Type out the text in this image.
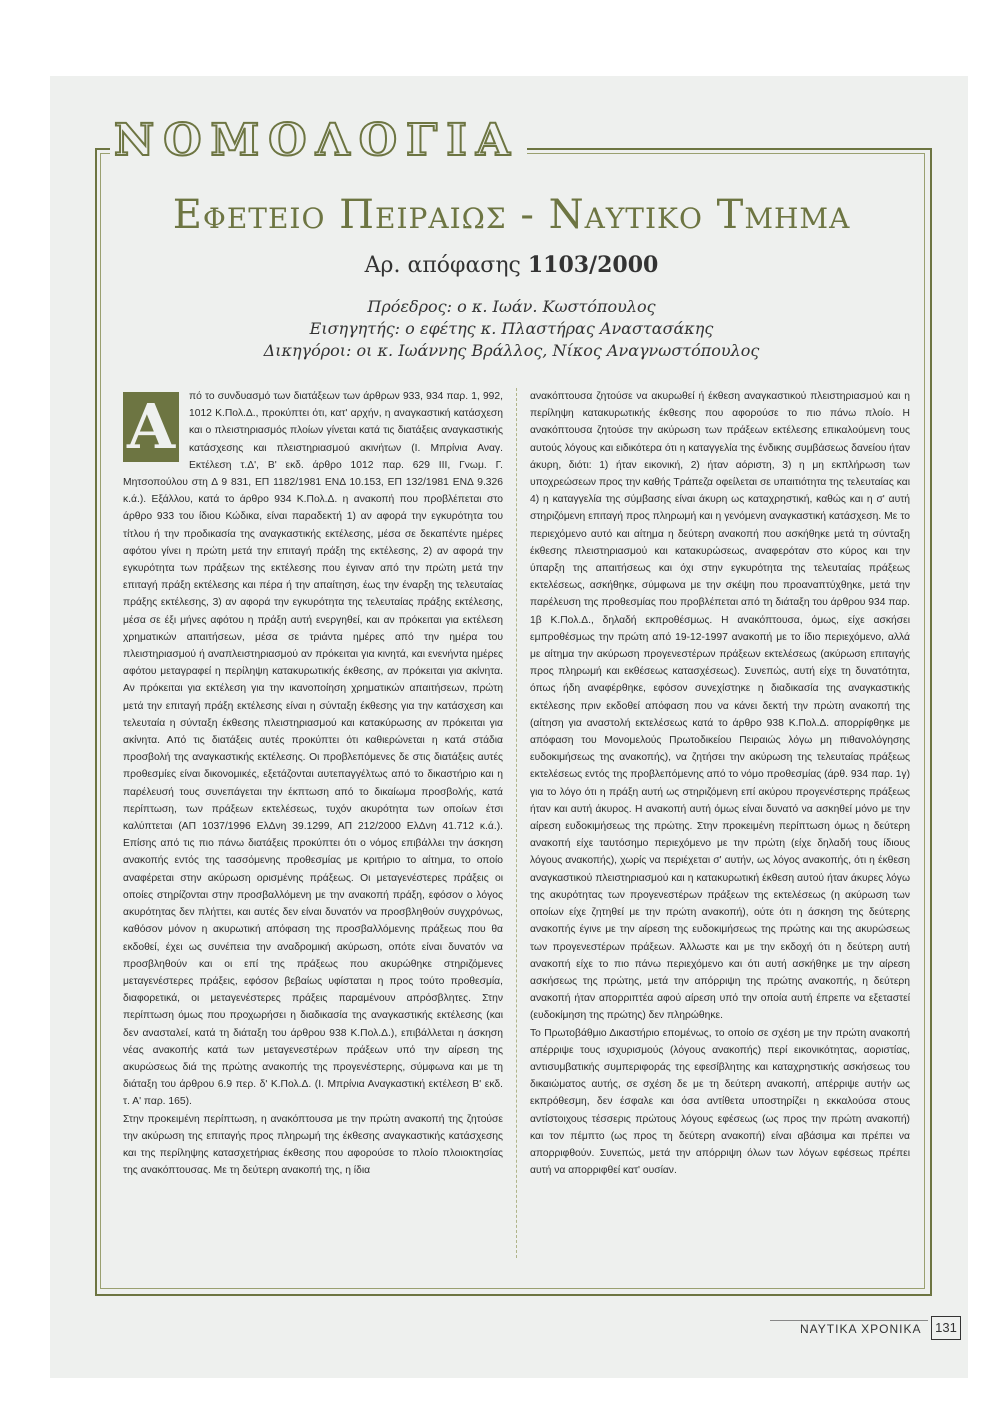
ΝΟΜΟΛΟΓΙΑ
Εφετειο Πειραιως - Ναυτικο Τμημα
Αρ. απόφασης 1103/2000
Πρόεδρος: ο κ. Ιωάν. Κωστόπουλος
Εισηγητής: ο εφέτης κ. Πλαστήρας Αναστασάκης
Δικηγόροι: οι κ. Ιωάννης Βράλλος, Νίκος Αναγνωστόπουλος
Α	πό το συνδυασμό των διατάξεων των άρθρων 933, 934 παρ. 1, 992, 1012 Κ.Πολ.Δ., προκύπτει ότι, κατ' αρχήν, η αναγκαστική κατάσχεση και ο πλειστηριασμός πλοίων γίνεται κατά τις διατάξεις αναγκαστικής κατάσχεσης και πλειστηριασμού ακινήτων (Ι. Μπρίνια Αναγ. Εκτέλεση τ.Δ', Β' εκδ. άρθρο 1012 παρ. 629 ΙΙΙ, Γνωμ. Γ. Μητσοπούλου στη Δ 9 831, ΕΠ 1182/1981 ΕΝΔ 10.153, ΕΠ 132/1981 ΕΝΔ 9.326 κ.ά.). Εξάλλου, κατά το άρθρο 934 Κ.Πολ.Δ. η ανακοπή που προβλέπεται στο άρθρο 933 του ίδιου Κώδικα, είναι παραδεκτή 1) αν αφορά την εγκυρότητα του τίτλου ή την προδικασία της αναγκαστικής εκτέλεσης, μέσα σε δεκαπέντε ημέρες αφότου γίνει η πρώτη μετά την επιταγή πράξη της εκτέλεσης, 2) αν αφορά την εγκυρότητα των πράξεων της εκτέλεσης που έγιναν από την πρώτη μετά την επιταγή πράξη εκτέλεσης και πέρα ή την απαίτηση, έως την έναρξη της τελευταίας πράξης εκτέλεσης, 3) αν αφορά την εγκυρότητα της τελευταίας πράξης εκτέλεσης, μέσα σε έξι μήνες αφότου η πράξη αυτή ενεργηθεί, και αν πρόκειται για εκτέλεση χρηματικών απαιτήσεων, μέσα σε τριάντα ημέρες από την ημέρα του πλειστηριασμού ή αναπλειστηριασμού αν πρόκειται για κινητά, και ενενήντα ημέρες αφότου μεταγραφεί η περίληψη κατακυρωτικής έκθεσης, αν πρόκειται για ακίνητα. Αν πρόκειται για εκτέλεση για την ικανοποίηση χρηματικών απαιτήσεων, πρώτη μετά την επιταγή πράξη εκτέλεσης είναι η σύνταξη έκθεσης για την κατάσχεση και τελευταία η σύνταξη έκθεσης πλειστηριασμού και κατακύρωσης αν πρόκειται για ακίνητα. Από τις διατάξεις αυτές προκύπτει ότι καθιερώνεται η κατά στάδια προσβολή της αναγκαστικής εκτέλεσης. Οι προβλεπόμενες δε στις διατάξεις αυτές προθεσμίες είναι δικονομικές, εξετάζονται αυτεπαγγέλτως από το δικαστήριο και η παρέλευσή τους συνεπάγεται την έκπτωση από το δικαίωμα προσβολής, κατά περίπτωση, των πράξεων εκτελέσεως, τυχόν ακυρότητα των οποίων έτσι καλύπτεται (ΑΠ 1037/1996 ΕλΔνη 39.1299, ΑΠ 212/2000 ΕλΔνη 41.712 κ.ά.). Επίσης από τις πιο πάνω διατάξεις προκύπτει ότι ο νόμος επιβάλλει την άσκηση ανακοπής εντός της τασσόμενης προθεσμίας με κριτήριο το αίτημα, το οποίο αναφέρεται στην ακύρωση ορισμένης πράξεως. Οι μεταγενέστερες πράξεις οι οποίες στηρίζονται στην προσβαλλόμενη με την ανακοπή πράξη, εφόσον ο λόγος ακυρότητας δεν πλήττει, και αυτές δεν είναι δυνατόν να προσβληθούν συγχρόνως, καθόσον μόνον η ακυρωτική απόφαση της προσβαλλόμενης πράξεως που θα εκδοθεί, έχει ως συνέπεια την αναδρομική ακύρωση, οπότε είναι δυνατόν να προσβληθούν και οι επί της πράξεως που ακυρώθηκε στηριζόμενες μεταγενέστερες πράξεις, εφόσον βεβαίως υφίσταται η προς τούτο προθεσμία, διαφορετικά, οι μεταγενέστερες πράξεις παραμένουν απρόσβλητες. Στην περίπτωση όμως που προχωρήσει η διαδικασία της αναγκαστικής εκτέλεσης (και δεν ανασταλεί, κατά τη διάταξη του άρθρου 938 Κ.Πολ.Δ.), επιβάλλεται η άσκηση νέας ανακοπής κατά των μεταγενεστέρων πράξεων υπό την αίρεση της ακυρώσεως διά της πρώτης ανακοπής της προγενέστερης, σύμφωνα και με τη διάταξη του άρθρου 6.9 περ. δ' Κ.Πολ.Δ. (Ι. Μπρίνια Αναγκαστική εκτέλεση Β' εκδ. τ. Α' παρ. 165).

Στην προκειμένη περίπτωση, η ανακόπτουσα με την πρώτη ανακοπή της ζητούσε την ακύρωση της επιταγής προς πληρωμή της έκθεσης αναγκαστικής κατάσχεσης και της περίληψης κατασχετήριας έκθεσης που αφορούσε το πλοίο πλοιοκτησίας της ανακόπτουσας. Με τη δεύτερη ανακοπή της, η ίδια

ανακόπτουσα ζητούσε να ακυρωθεί ή έκθεση αναγκαστικού πλειστηριασμού και η περίληψη κατακυρωτικής έκθεσης που αφορούσε το πιο πάνω πλοίο. Η ανακόπτουσα ζητούσε την ακύρωση των πράξεων εκτέλεσης επικαλούμενη τους αυτούς λόγους και ειδικότερα ότι η καταγγελία της ένδικης συμβάσεως δανείου ήταν άκυρη, διότι: 1) ήταν εικονική, 2) ήταν αόριστη, 3) η μη εκπλήρωση των υποχρεώσεων προς την καθής Τράπεζα οφείλεται σε υπαιτιότητα της τελευταίας και 4) η καταγγελία της σύμβασης είναι άκυρη ως καταχρηστική, καθώς και η σ' αυτή στηριζόμενη επιταγή προς πληρωμή και η γενόμενη αναγκαστική κατάσχεση. Με το περιεχόμενο αυτό και αίτημα η δεύτερη ανακοπή που ασκήθηκε μετά τη σύνταξη έκθεσης πλειστηριασμού και κατακυρώσεως, αναφερόταν στο κύρος και την ύπαρξη της απαιτήσεως και όχι στην εγκυρότητα της τελευταίας πράξεως εκτελέσεως, ασκήθηκε, σύμφωνα με την σκέψη που προαναπτύχθηκε, μετά την παρέλευση της προθεσμίας που προβλέπεται από τη διάταξη του άρθρου 934 παρ. 1β Κ.Πολ.Δ., δηλαδή εκπροθέσμως. Η ανακόπτουσα, όμως, είχε ασκήσει εμπροθέσμως την πρώτη από 19-12-1997 ανακοπή με το ίδιο περιεχόμενο, αλλά με αίτημα την ακύρωση προγενεστέρων πράξεων εκτελέσεως (ακύρωση επιταγής προς πληρωμή και εκθέσεως κατασχέσεως). Συνεπώς, αυτή είχε τη δυνατότητα, όπως ήδη αναφέρθηκε, εφόσον συνεχίστηκε η διαδικασία της αναγκαστικής εκτέλεσης πριν εκδοθεί απόφαση που να κάνει δεκτή την πρώτη ανακοπή της (αίτηση για αναστολή εκτελέσεως κατά το άρθρο 938 Κ.Πολ.Δ. απορρίφθηκε με απόφαση του Μονομελούς Πρωτοδικείου Πειραιώς λόγω μη πιθανολόγησης ευδοκιμήσεως της ανακοπής), να ζητήσει την ακύρωση της τελευταίας πράξεως εκτελέσεως εντός της προβλεπόμενης από το νόμο προθεσμίας (άρθ. 934 παρ. 1γ) για το λόγο ότι η πράξη αυτή ως στηριζόμενη επί ακύρου προγενέστερης πράξεως ήταν και αυτή άκυρος. Η ανακοπή αυτή όμως είναι δυνατό να ασκηθεί μόνο με την αίρεση ευδοκιμήσεως της πρώτης. Στην προκειμένη περίπτωση όμως η δεύτερη ανακοπή είχε ταυτόσημο περιεχόμενο με την πρώτη (είχε δηλαδή τους ίδιους λόγους ανακοπής), χωρίς να περιέχεται σ' αυτήν, ως λόγος ανακοπής, ότι η έκθεση αναγκαστικού πλειστηριασμού και η κατακυρωτική έκθεση αυτού ήταν άκυρες λόγω της ακυρότητας των προγενεστέρων πράξεων της εκτελέσεως (η ακύρωση των οποίων είχε ζητηθεί με την πρώτη ανακοπή), ούτε ότι η άσκηση της δεύτερης ανακοπής έγινε με την αίρεση της ευδοκιμήσεως της πρώτης και της ακυρώσεως των προγενεστέρων πράξεων. Άλλωστε και με την εκδοχή ότι η δεύτερη αυτή ανακοπή είχε το πιο πάνω περιεχόμενο και ότι αυτή ασκήθηκε με την αίρεση ασκήσεως της πρώτης, μετά την απόρριψη της πρώτης ανακοπής, η δεύτερη ανακοπή ήταν απορριπτέα αφού αίρεση υπό την οποία αυτή έπρεπε να εξεταστεί (ευδοκίμηση της πρώτης) δεν πληρώθηκε.

Το Πρωτοβάθμιο Δικαστήριο επομένως, το οποίο σε σχέση με την πρώτη ανακοπή απέρριψε τους ισχυρισμούς (λόγους ανακοπής) περί εικονικότητας, αοριστίας, αντισυμβατικής συμπεριφοράς της εφεσίβλητης και καταχρηστικής ασκήσεως του δικαιώματος αυτής, σε σχέση δε με τη δεύτερη ανακοπή, απέρριψε αυτήν ως εκπρόθεσμη, δεν έσφαλε και όσα αντίθετα υποστηρίζει η εκκαλούσα στους αντίστοιχους τέσσερις πρώτους λόγους εφέσεως (ως προς την πρώτη ανακοπή) και τον πέμπτο (ως προς τη δεύτερη ανακοπή) είναι αβάσιμα και πρέπει να απορριφθούν. Συνεπώς, μετά την απόρριψη όλων των λόγων εφέσεως πρέπει αυτή να απορριφθεί κατ' ουσίαν.

ΝΑΥΤΙΚΑ ΧΡΟΝΙΚΑ	131
